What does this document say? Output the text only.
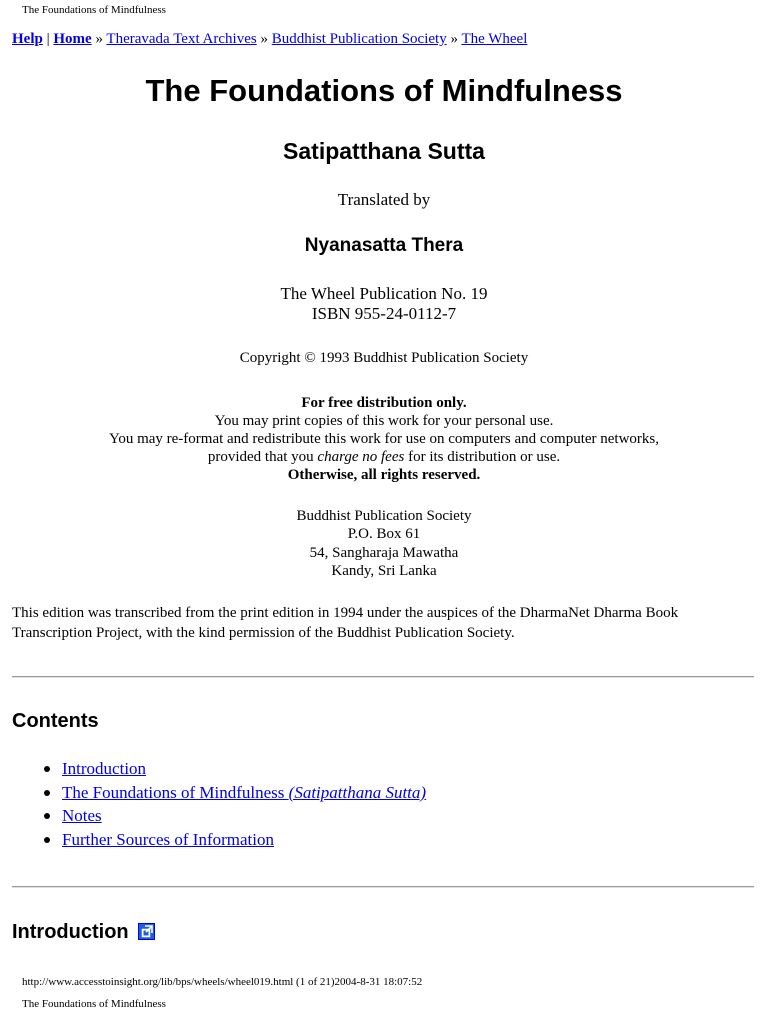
The Foundations of Mindfulness
Help | Home » Theravada Text Archives » Buddhist Publication Society » The Wheel
The Foundations of Mindfulness
Satipatthana Sutta
Translated by
Nyanasatta Thera
The Wheel Publication No. 19
ISBN 955-24-0112-7
Copyright © 1993 Buddhist Publication Society
For free distribution only.
You may print copies of this work for your personal use.
You may re-format and redistribute this work for use on computers and computer networks,
provided that you charge no fees for its distribution or use.
Otherwise, all rights reserved.
Buddhist Publication Society
P.O. Box 61
54, Sangharaja Mawatha
Kandy, Sri Lanka
This edition was transcribed from the print edition in 1994 under the auspices of the DharmaNet Dharma Book Transcription Project, with the kind permission of the Buddhist Publication Society.
Contents
Introduction
The Foundations of Mindfulness (Satipatthana Sutta)
Notes
Further Sources of Information
Introduction
http://www.accesstoinsight.org/lib/bps/wheels/wheel019.html (1 of 21)2004-8-31 18:07:52
The Foundations of Mindfulness
